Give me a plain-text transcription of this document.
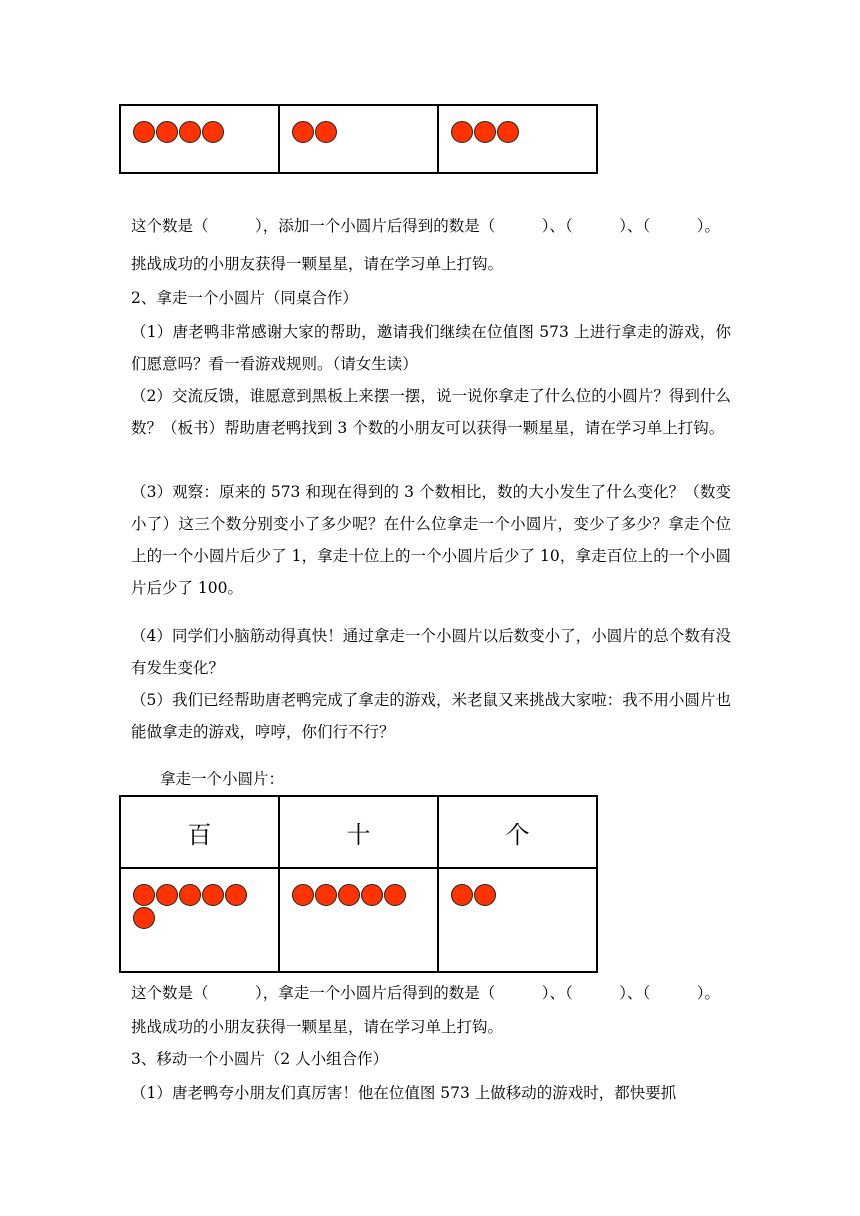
这个数是（　　　），添加一个小圆片后得到的数是（　　　）、（　　　）、（　　　）。
挑战成功的小朋友获得一颗星星，请在学习单上打钩。
2、拿走一个小圆片（同桌合作）
（1）唐老鸭非常感谢大家的帮助，邀请我们继续在位值图 573 上进行拿走的游戏，你们愿意吗？看一看游戏规则。（请女生读）
（2）交流反馈，谁愿意到黑板上来摆一摆，说一说你拿走了什么位的小圆片？得到什么数？（板书）帮助唐老鸭找到 3 个数的小朋友可以获得一颗星星，请在学习单上打钩。
（3）观察：原来的 573 和现在得到的 3 个数相比，数的大小发生了什么变化？（数变小了）这三个数分别变小了多少呢？在什么位拿走一个小圆片，变少了多少？拿走个位上的一个小圆片后少了 1，拿走十位上的一个小圆片后少了 10，拿走百位上的一个小圆片后少了 100。
（4）同学们小脑筋动得真快！通过拿走一个小圆片以后数变小了，小圆片的总个数有没有发生变化？
（5）我们已经帮助唐老鸭完成了拿走的游戏，米老鼠又来挑战大家啦：我不用小圆片也能做拿走的游戏，哼哼，你们行不行？
拿走一个小圆片：
百	十	个

这个数是（　　　），拿走一个小圆片后得到的数是（　　　）、（　　　）、（　　　）。
挑战成功的小朋友获得一颗星星，请在学习单上打钩。
3、移动一个小圆片（2 人小组合作）
（1）唐老鸭夸小朋友们真厉害！他在位值图 573 上做移动的游戏时，都快要抓
